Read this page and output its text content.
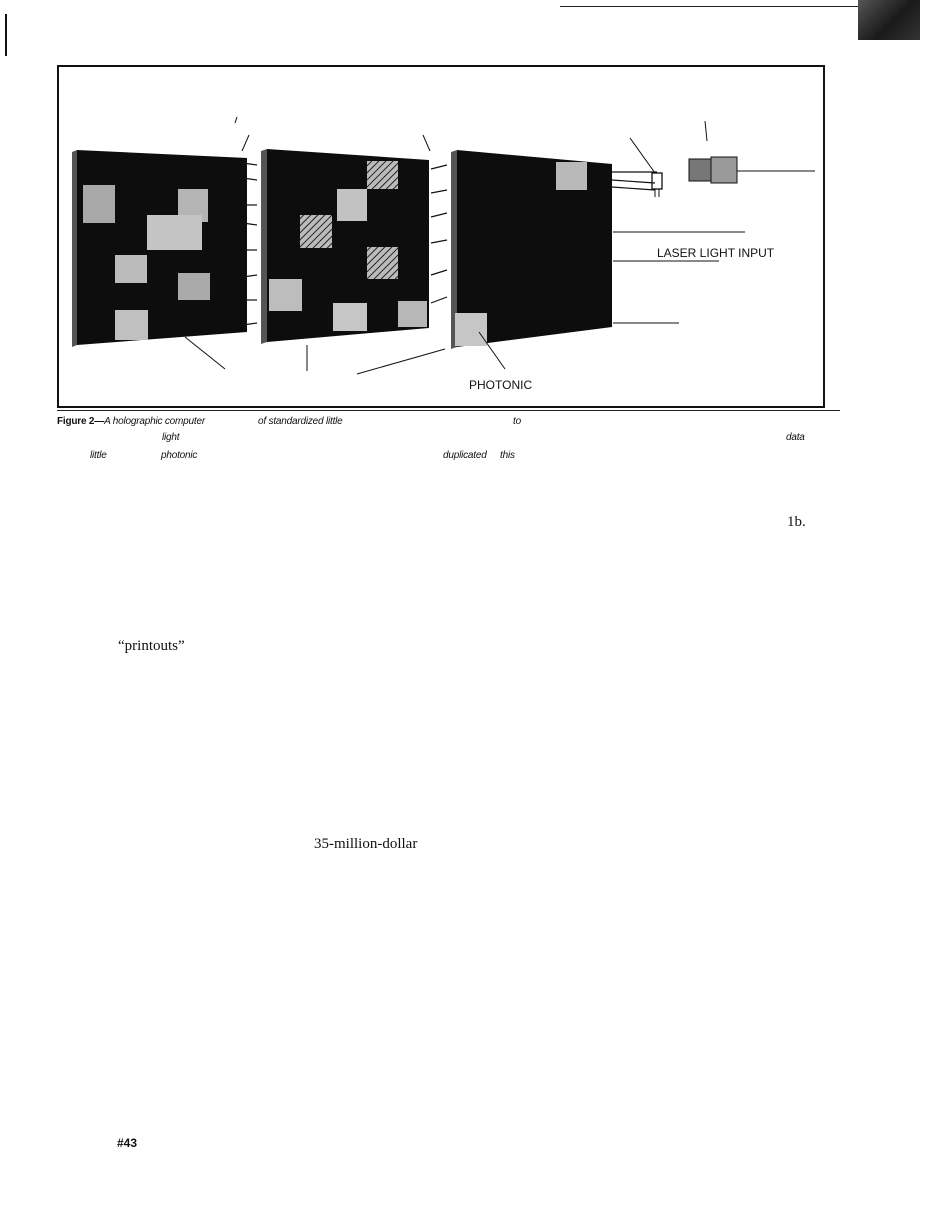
LASER LIGHT INPUT
PHOTONIC
Figure 2—A holographic computer	of standardized little	to
light	data
little	photonic	duplicated this
1b.
“printouts”
35-million-dollar
#43
